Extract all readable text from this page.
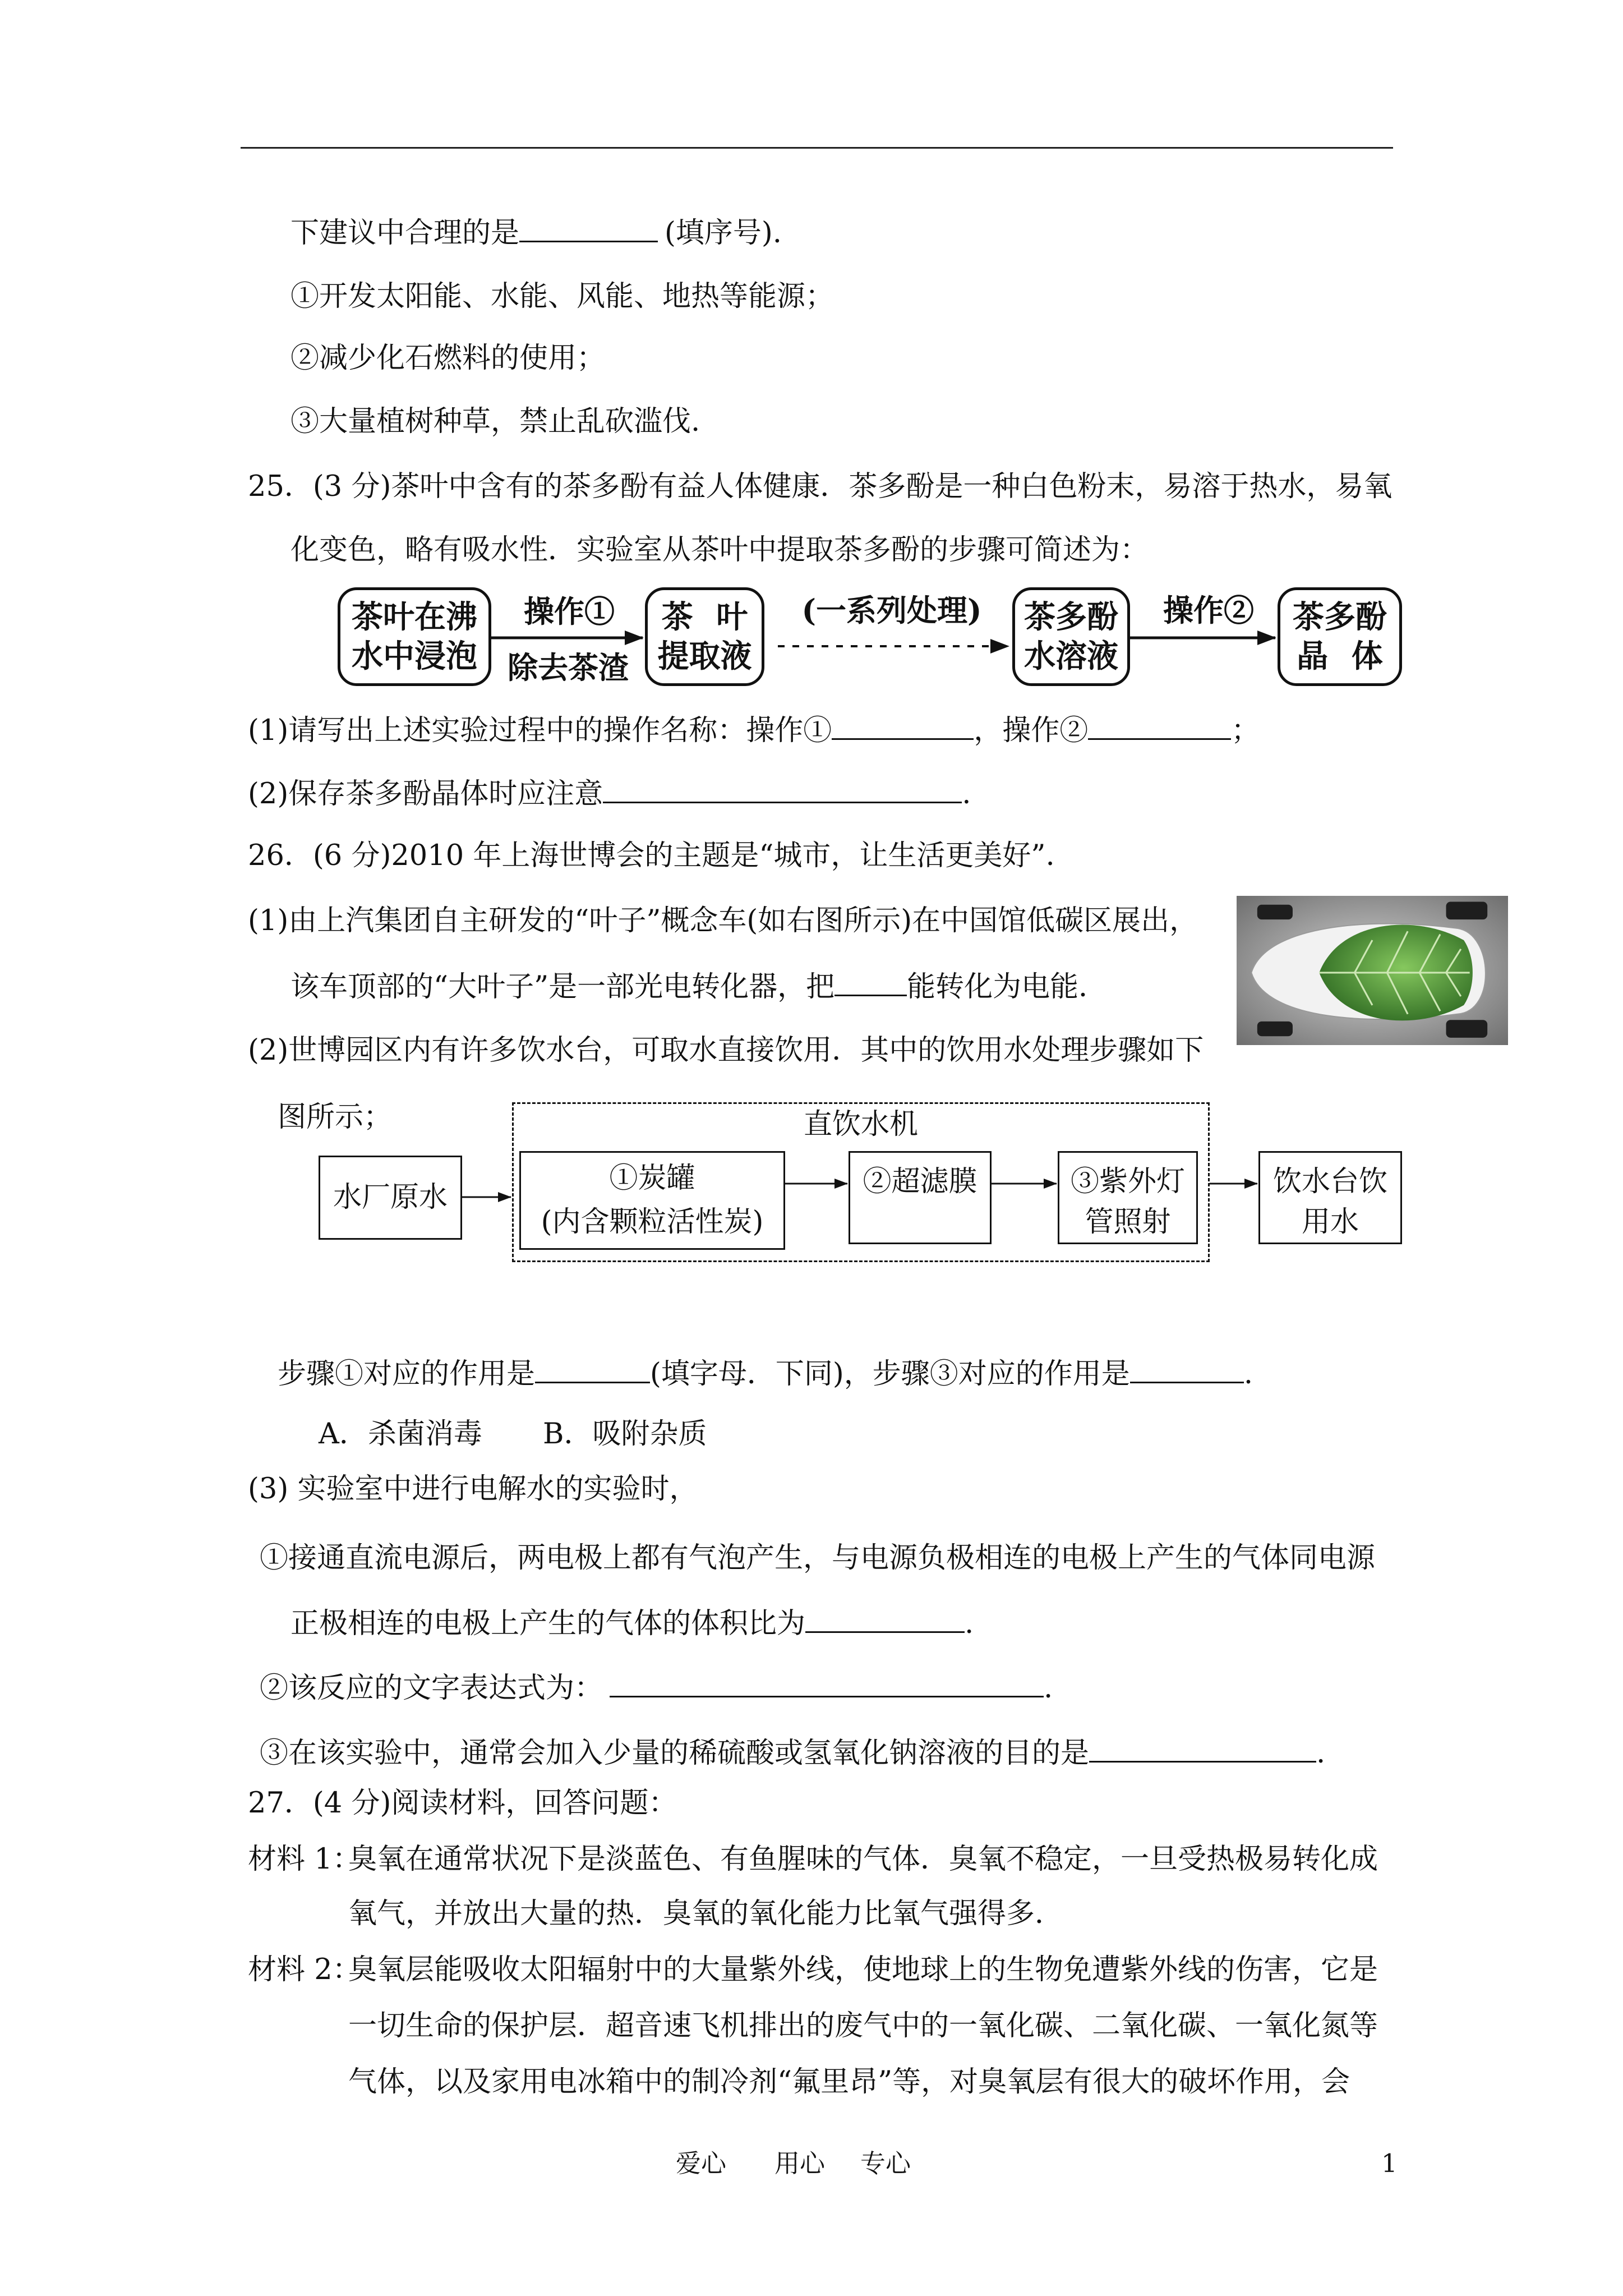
下建议中合理的是	(填序号).
①开发太阳能、水能、风能、地热等能源；
②减少化石燃料的使用；
③大量植树种草，禁止乱砍滥伐.
25．(3 分)茶叶中含有的茶多酚有益人体健康．茶多酚是一种白色粉末，易溶于热水，易氧
化变色，略有吸水性．实验室从茶叶中提取茶多酚的步骤可简述为：
茶叶在沸
水中浸泡
操作①
除去茶渣
茶 叶
提取液
(一系列处理)	茶多酚
水溶液
操作②	茶多酚
晶 体
(1)请写出上述实验过程中的操作名称：操作①	，操作②	；
(2)保存茶多酚晶体时应注意	.
26．(6 分)2010 年上海世博会的主题是“城市，让生活更美好”.
(1)由上汽集团自主研发的“叶子”概念车(如右图所示)在中国馆低碳区展出，
该车顶部的“大叶子”是一部光电转化器，把	能转化为电能．
(2)世博园区内有许多饮水台，可取水直接饮用．其中的饮用水处理步骤如下
图所示；	直饮水机
水厂原水
①炭罐
(内含颗粒活性炭)
②超滤膜	③紫外灯
管照射
饮水台饮
用水
步骤①对应的作用是	(填字母．下同)，步骤③对应的作用是	.
A．杀菌消毒 B．吸附杂质
(3) 实验室中进行电解水的实验时，
①接通直流电源后，两电极上都有气泡产生，与电源负极相连的电极上产生的气体同电源
正极相连的电极上产生的气体的体积比为	.
②该反应的文字表达式为：	.
③在该实验中，通常会加入少量的稀硫酸或氢氧化钠溶液的目的是	.
27．(4 分)阅读材料，回答问题：
材料 1：
臭氧在通常状况下是淡蓝色、有鱼腥味的气体．臭氧不稳定，一旦受热极易转化成
氧气，并放出大量的热．臭氧的氧化能力比氧气强得多．
材料 2：
臭氧层能吸收太阳辐射中的大量紫外线，使地球上的生物免遭紫外线的伤害，它是
一切生命的保护层．超音速飞机排出的废气中的一氧化碳、二氧化碳、一氧化氮等
气体，以及家用电冰箱中的制冷剂“氟里昂”等，对臭氧层有很大的破坏作用，会
爱心 用心 专心	1
